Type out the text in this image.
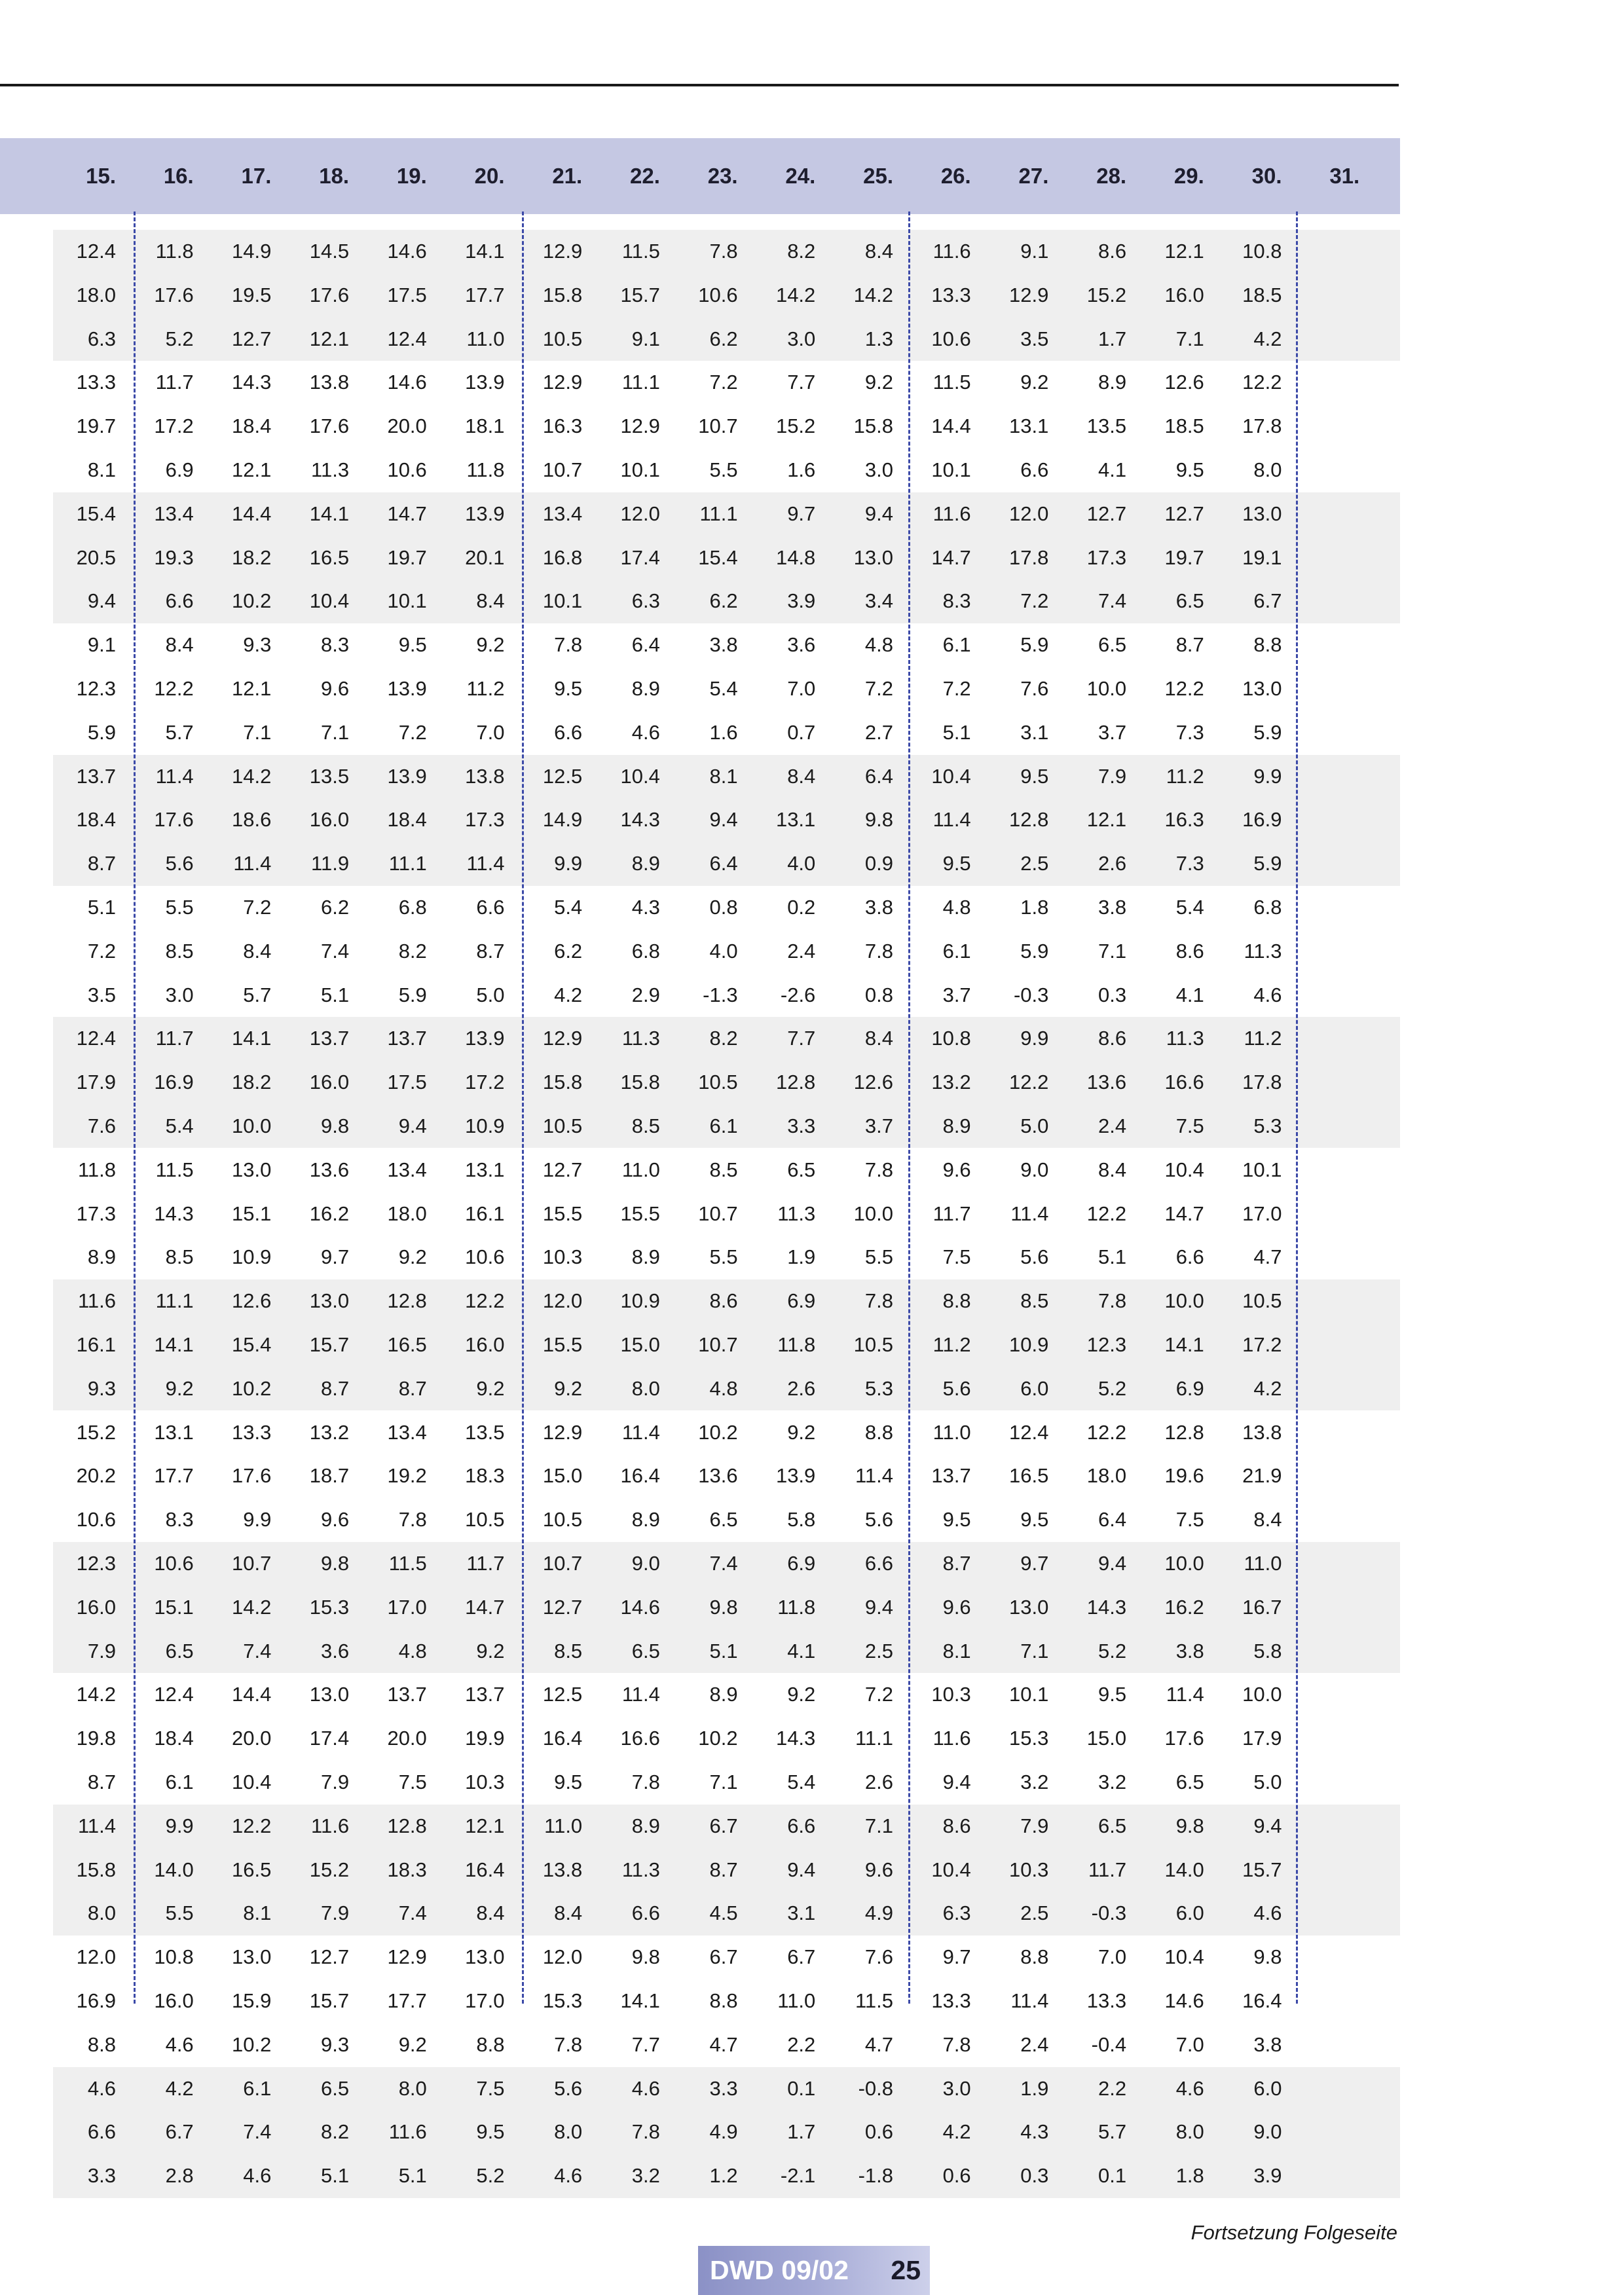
15.	16.	17.	18.	19.	20.	21.	22.	23.	24.	25.	26.	27.	28.	29.	30.	31.
12.4	11.8	14.9	14.5	14.6	14.1	12.9	11.5	7.8	8.2	8.4	11.6	9.1	8.6	12.1	10.8
18.0	17.6	19.5	17.6	17.5	17.7	15.8	15.7	10.6	14.2	14.2	13.3	12.9	15.2	16.0	18.5
6.3	5.2	12.7	12.1	12.4	11.0	10.5	9.1	6.2	3.0	1.3	10.6	3.5	1.7	7.1	4.2
13.3	11.7	14.3	13.8	14.6	13.9	12.9	11.1	7.2	7.7	9.2	11.5	9.2	8.9	12.6	12.2
19.7	17.2	18.4	17.6	20.0	18.1	16.3	12.9	10.7	15.2	15.8	14.4	13.1	13.5	18.5	17.8
8.1	6.9	12.1	11.3	10.6	11.8	10.7	10.1	5.5	1.6	3.0	10.1	6.6	4.1	9.5	8.0
15.4	13.4	14.4	14.1	14.7	13.9	13.4	12.0	11.1	9.7	9.4	11.6	12.0	12.7	12.7	13.0
20.5	19.3	18.2	16.5	19.7	20.1	16.8	17.4	15.4	14.8	13.0	14.7	17.8	17.3	19.7	19.1
9.4	6.6	10.2	10.4	10.1	8.4	10.1	6.3	6.2	3.9	3.4	8.3	7.2	7.4	6.5	6.7
9.1	8.4	9.3	8.3	9.5	9.2	7.8	6.4	3.8	3.6	4.8	6.1	5.9	6.5	8.7	8.8
12.3	12.2	12.1	9.6	13.9	11.2	9.5	8.9	5.4	7.0	7.2	7.2	7.6	10.0	12.2	13.0
5.9	5.7	7.1	7.1	7.2	7.0	6.6	4.6	1.6	0.7	2.7	5.1	3.1	3.7	7.3	5.9
13.7	11.4	14.2	13.5	13.9	13.8	12.5	10.4	8.1	8.4	6.4	10.4	9.5	7.9	11.2	9.9
18.4	17.6	18.6	16.0	18.4	17.3	14.9	14.3	9.4	13.1	9.8	11.4	12.8	12.1	16.3	16.9
8.7	5.6	11.4	11.9	11.1	11.4	9.9	8.9	6.4	4.0	0.9	9.5	2.5	2.6	7.3	5.9
5.1	5.5	7.2	6.2	6.8	6.6	5.4	4.3	0.8	0.2	3.8	4.8	1.8	3.8	5.4	6.8
7.2	8.5	8.4	7.4	8.2	8.7	6.2	6.8	4.0	2.4	7.8	6.1	5.9	7.1	8.6	11.3
3.5	3.0	5.7	5.1	5.9	5.0	4.2	2.9	-1.3	-2.6	0.8	3.7	-0.3	0.3	4.1	4.6
12.4	11.7	14.1	13.7	13.7	13.9	12.9	11.3	8.2	7.7	8.4	10.8	9.9	8.6	11.3	11.2
17.9	16.9	18.2	16.0	17.5	17.2	15.8	15.8	10.5	12.8	12.6	13.2	12.2	13.6	16.6	17.8
7.6	5.4	10.0	9.8	9.4	10.9	10.5	8.5	6.1	3.3	3.7	8.9	5.0	2.4	7.5	5.3
11.8	11.5	13.0	13.6	13.4	13.1	12.7	11.0	8.5	6.5	7.8	9.6	9.0	8.4	10.4	10.1
17.3	14.3	15.1	16.2	18.0	16.1	15.5	15.5	10.7	11.3	10.0	11.7	11.4	12.2	14.7	17.0
8.9	8.5	10.9	9.7	9.2	10.6	10.3	8.9	5.5	1.9	5.5	7.5	5.6	5.1	6.6	4.7
11.6	11.1	12.6	13.0	12.8	12.2	12.0	10.9	8.6	6.9	7.8	8.8	8.5	7.8	10.0	10.5
16.1	14.1	15.4	15.7	16.5	16.0	15.5	15.0	10.7	11.8	10.5	11.2	10.9	12.3	14.1	17.2
9.3	9.2	10.2	8.7	8.7	9.2	9.2	8.0	4.8	2.6	5.3	5.6	6.0	5.2	6.9	4.2
15.2	13.1	13.3	13.2	13.4	13.5	12.9	11.4	10.2	9.2	8.8	11.0	12.4	12.2	12.8	13.8
20.2	17.7	17.6	18.7	19.2	18.3	15.0	16.4	13.6	13.9	11.4	13.7	16.5	18.0	19.6	21.9
10.6	8.3	9.9	9.6	7.8	10.5	10.5	8.9	6.5	5.8	5.6	9.5	9.5	6.4	7.5	8.4
12.3	10.6	10.7	9.8	11.5	11.7	10.7	9.0	7.4	6.9	6.6	8.7	9.7	9.4	10.0	11.0
16.0	15.1	14.2	15.3	17.0	14.7	12.7	14.6	9.8	11.8	9.4	9.6	13.0	14.3	16.2	16.7
7.9	6.5	7.4	3.6	4.8	9.2	8.5	6.5	5.1	4.1	2.5	8.1	7.1	5.2	3.8	5.8
14.2	12.4	14.4	13.0	13.7	13.7	12.5	11.4	8.9	9.2	7.2	10.3	10.1	9.5	11.4	10.0
19.8	18.4	20.0	17.4	20.0	19.9	16.4	16.6	10.2	14.3	11.1	11.6	15.3	15.0	17.6	17.9
8.7	6.1	10.4	7.9	7.5	10.3	9.5	7.8	7.1	5.4	2.6	9.4	3.2	3.2	6.5	5.0
11.4	9.9	12.2	11.6	12.8	12.1	11.0	8.9	6.7	6.6	7.1	8.6	7.9	6.5	9.8	9.4
15.8	14.0	16.5	15.2	18.3	16.4	13.8	11.3	8.7	9.4	9.6	10.4	10.3	11.7	14.0	15.7
8.0	5.5	8.1	7.9	7.4	8.4	8.4	6.6	4.5	3.1	4.9	6.3	2.5	-0.3	6.0	4.6
12.0	10.8	13.0	12.7	12.9	13.0	12.0	9.8	6.7	6.7	7.6	9.7	8.8	7.0	10.4	9.8
16.9	16.0	15.9	15.7	17.7	17.0	15.3	14.1	8.8	11.0	11.5	13.3	11.4	13.3	14.6	16.4
8.8	4.6	10.2	9.3	9.2	8.8	7.8	7.7	4.7	2.2	4.7	7.8	2.4	-0.4	7.0	3.8
4.6	4.2	6.1	6.5	8.0	7.5	5.6	4.6	3.3	0.1	-0.8	3.0	1.9	2.2	4.6	6.0
6.6	6.7	7.4	8.2	11.6	9.5	8.0	7.8	4.9	1.7	0.6	4.2	4.3	5.7	8.0	9.0
3.3	2.8	4.6	5.1	5.1	5.2	4.6	3.2	1.2	-2.1	-1.8	0.6	0.3	0.1	1.8	3.9
Fortsetzung Folgeseite
DWD 09/02 25
